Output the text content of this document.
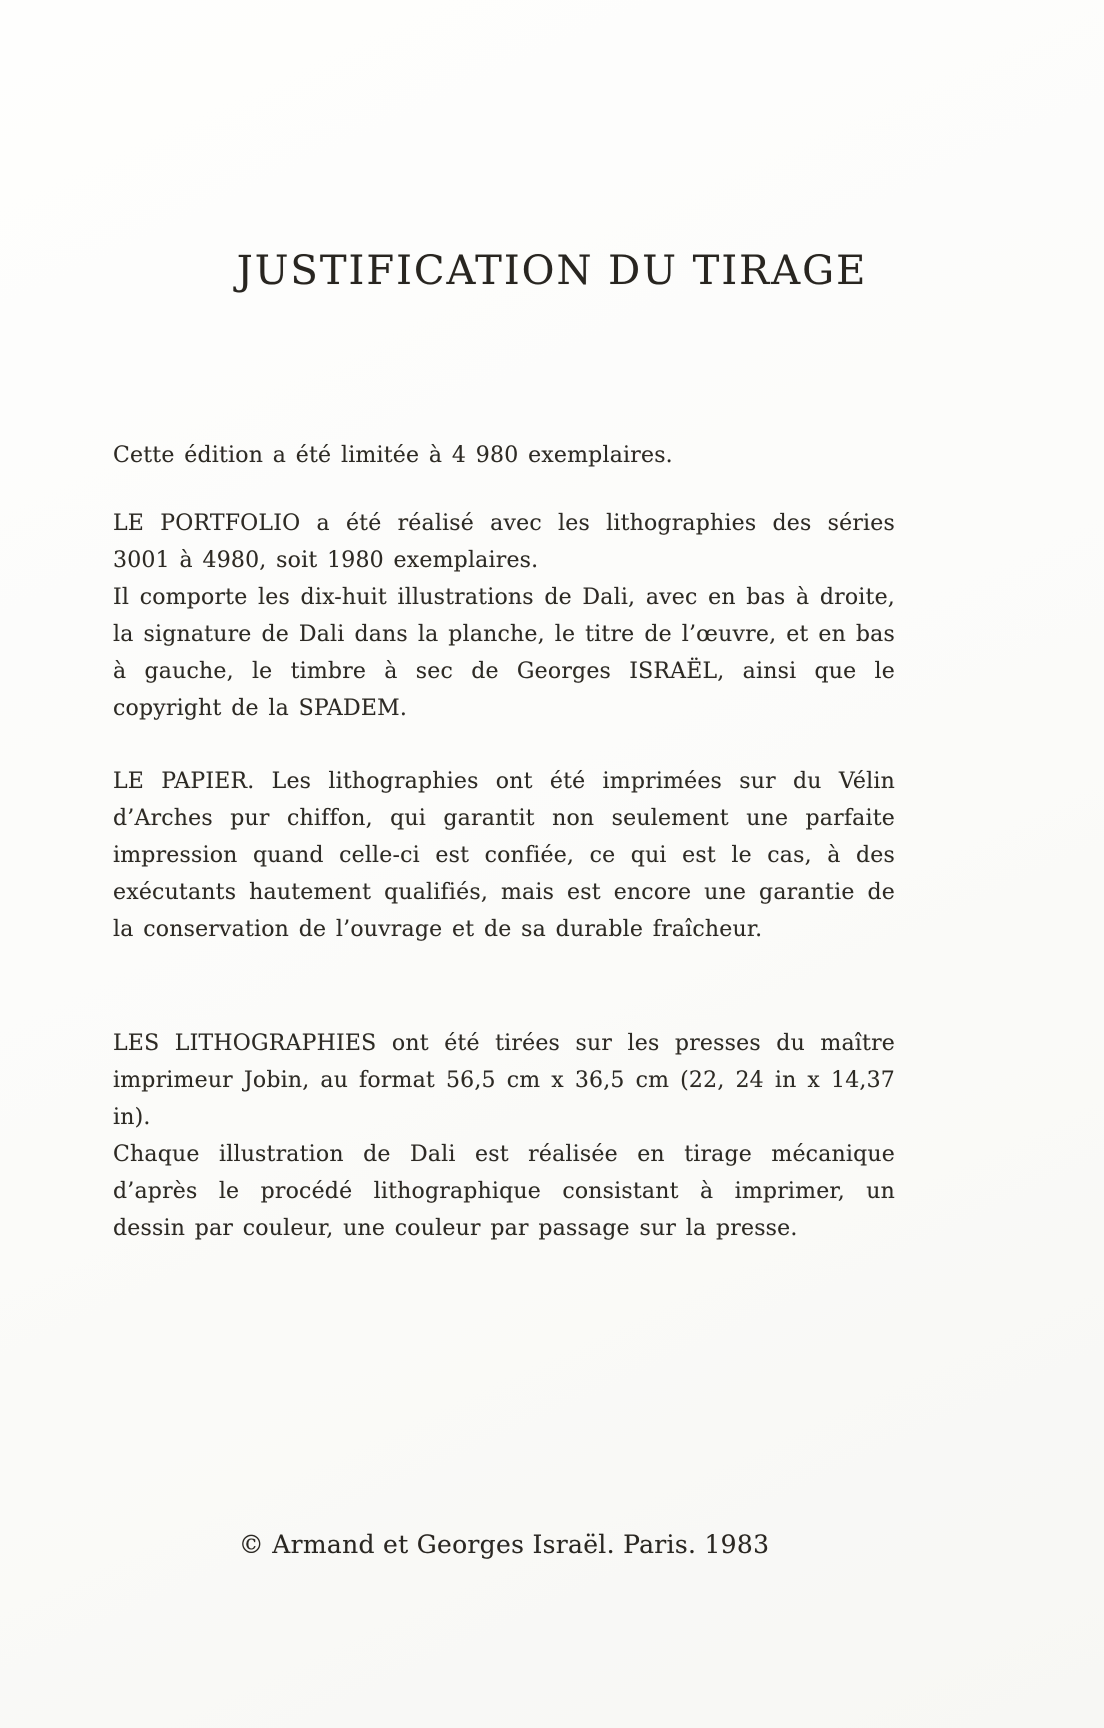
JUSTIFICATION DU TIRAGE

Cette édition a été limitée à 4 980 exemplaires.

LE PORTFOLIO a été réalisé avec les lithographies des séries 3001 à 4980, soit 1980 exemplaires.

Il comporte les dix-huit illustrations de Dali, avec en bas à droite, la signature de Dali dans la planche, le titre de l’œuvre, et en bas à gauche, le timbre à sec de Georges ISRAËL, ainsi que le copyright de la SPADEM.

LE PAPIER. Les lithographies ont été imprimées sur du Vélin d’Arches pur chiffon, qui garantit non seulement une parfaite impression quand celle-ci est confiée, ce qui est le cas, à des exécutants hautement qualifiés, mais est encore une garantie de la conservation de l’ouvrage et de sa durable fraîcheur.

LES LITHOGRAPHIES ont été tirées sur les presses du maître imprimeur Jobin, au format 56,5 cm x 36,5 cm (22, 24 in x 14,37 in).

Chaque illustration de Dali est réalisée en tirage mécanique d’après le procédé lithographique consistant à imprimer, un dessin par couleur, une couleur par passage sur la presse.

© Armand et Georges Israël. Paris. 1983
